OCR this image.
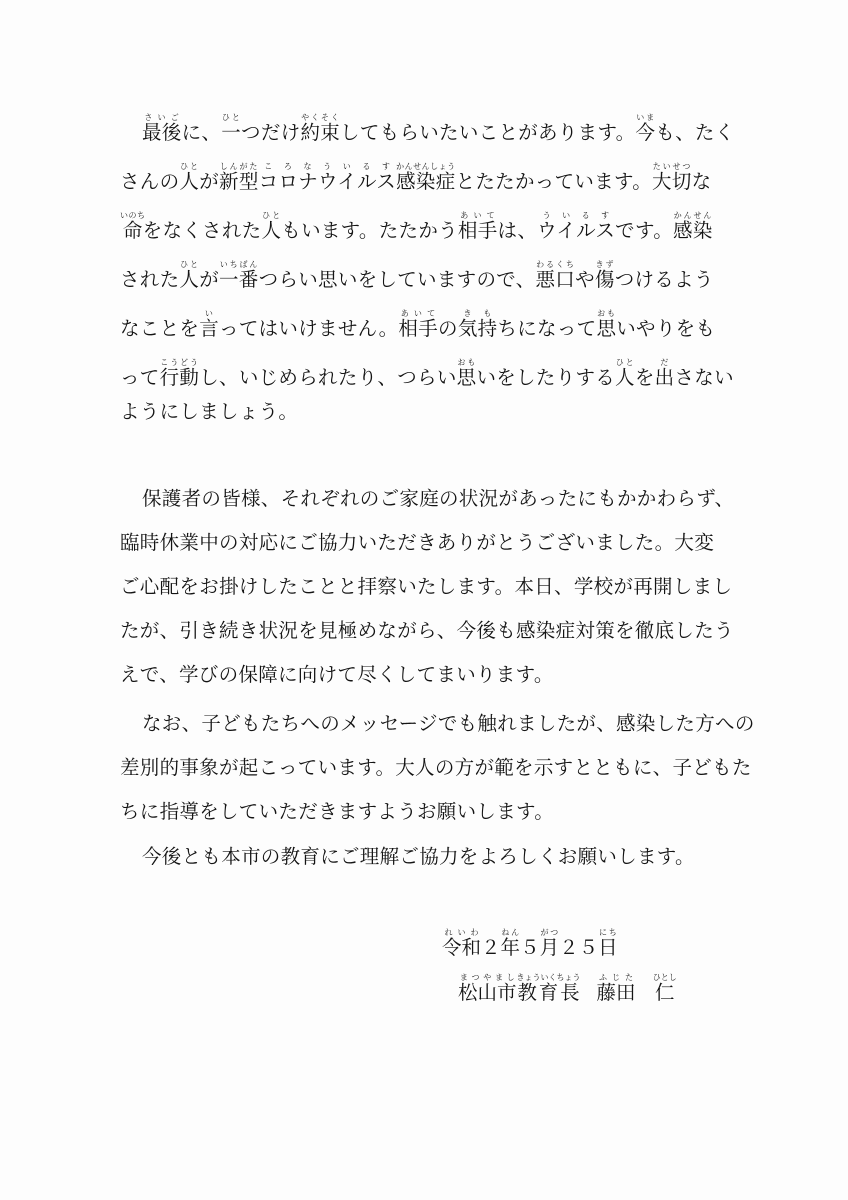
最後さいごに、一ひとつだけ約束やくそくしてもらいたいことがあります。今いまも、たく
さんの人ひとが新型しんがたコロナウイルスころなういるす感染症かんせんしょうとたたかっています。大切たいせつな
命いのちをなくされた人ひともいます。たたかう相手あいては、ウイルスういるすです。感染かんせん
された人ひとが一番いちばんつらい思いをしていますので、悪口わるくちや傷きずつけるよう
なことを言いってはいけません。相手あいての気持きもちになって思おもいやりをも
って行動こうどうし、いじめられたり、つらい思おもいをしたりする人ひとを出ださない
ようにしましょう。
保護者の皆様、それぞれのご家庭の状況があったにもかかわらず、
臨時休業中の対応にご協力いただきありがとうございました。大変
ご心配をお掛けしたことと拝察いたします。本日、学校が再開しまし
たが、引き続き状況を見極めながら、今後も感染症対策を徹底したう
えで、学びの保障に向けて尽くしてまいります。
なお、子どもたちへのメッセージでも触れましたが、感染した方への
差別的事象が起こっています。大人の方が範を示すとともに、子どもた
ちに指導をしていただきますようお願いします。
今後とも本市の教育にご理解ご協力をよろしくお願いします。
令和れいわ２年ねん５月がつ２５日にち
松山市まつやまし教育長きょういくちょう藤田ふじた　仁ひとし
